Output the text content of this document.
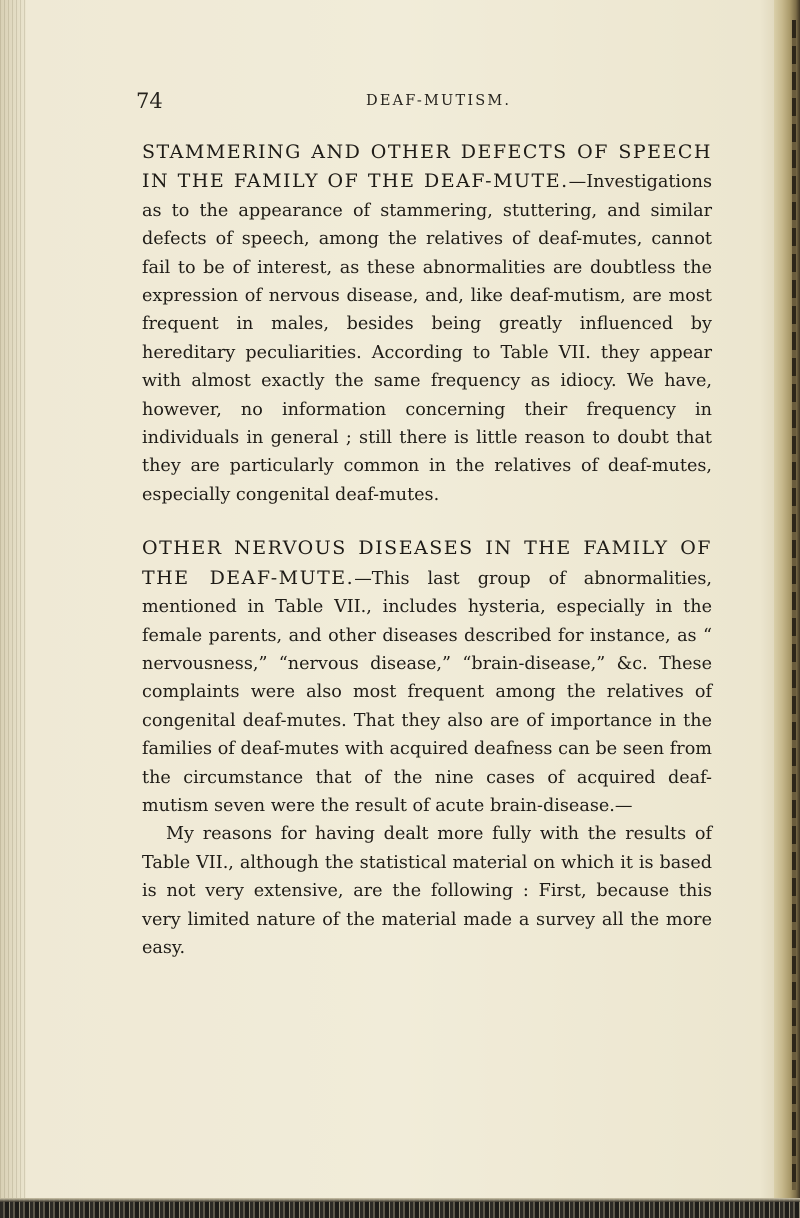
74	DEAF-MUTISM.

STAMMERING AND OTHER DEFECTS OF SPEECH IN THE FAMILY OF THE DEAF-MUTE.—Investigations as to the appearance of stammering, stuttering, and similar defects of speech, among the relatives of deaf-mutes, cannot fail to be of interest, as these abnormalities are doubtless the expression of nervous disease, and, like deaf-mutism, are most frequent in males, besides being greatly influenced by hereditary peculiarities. According to Table VII. they appear with almost exactly the same frequency as idiocy. We have, however, no information concerning their frequency in individuals in general ; still there is little reason to doubt that they are particularly common in the relatives of deaf-mutes, especially congenital deaf-mutes.

OTHER NERVOUS DISEASES IN THE FAMILY OF THE DEAF-MUTE.—This last group of abnormalities, mentioned in Table VII., includes hysteria, especially in the female parents, and other diseases described for instance, as “ nervousness,” “nervous disease,” “brain-disease,” &c. These complaints were also most frequent among the relatives of congenital deaf-mutes. That they also are of importance in the families of deaf-mutes with acquired deafness can be seen from the circumstance that of the nine cases of acquired deaf-mutism seven were the result of acute brain-disease.—

My reasons for having dealt more fully with the results of Table VII., although the statistical material on which it is based is not very extensive, are the following : First, because this very limited nature of the material made a survey all the more easy.
